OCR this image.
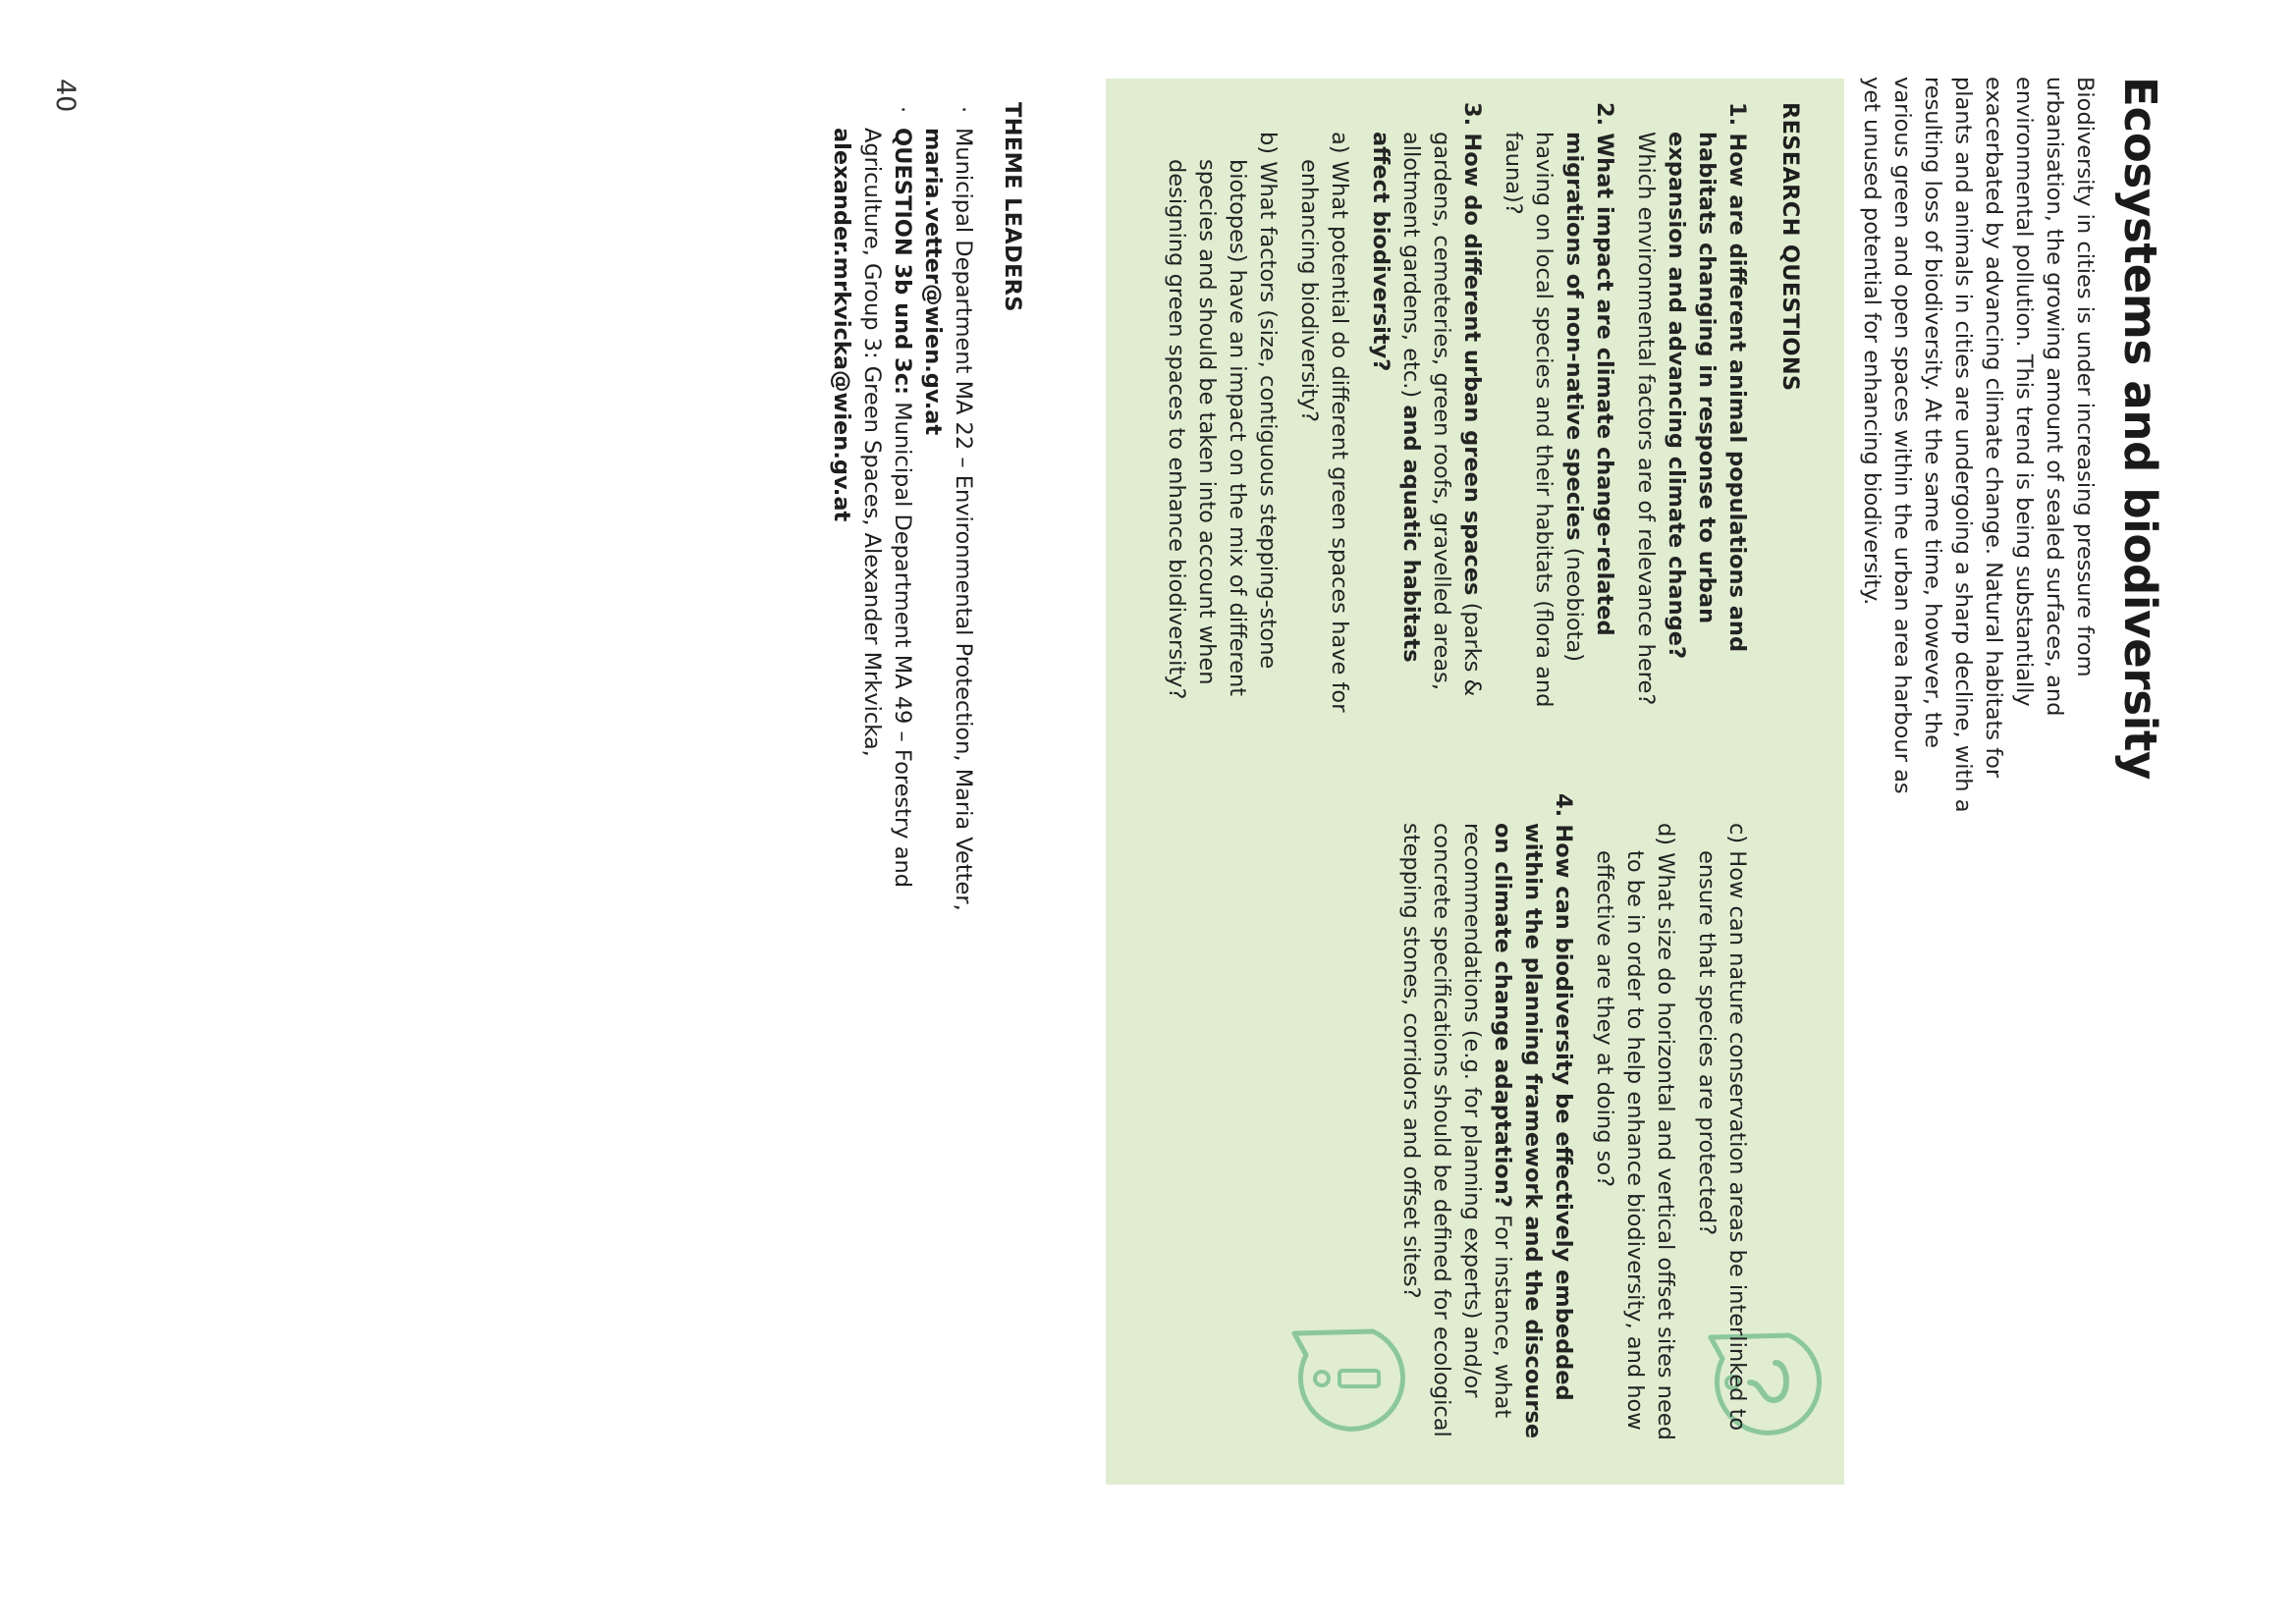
Ecosystems and biodiversity

Biodiversity in cities is under increasing pressure from urbanisation, the growing amount of sealed surfaces, and environmental pollution. This trend is being substantially exacerbated by advancing climate change. Natural habitats for plants and animals in cities are undergoing a sharp decline, with a resulting loss of biodiversity. At the same time, however, the various green and open spaces within the urban area harbour as yet unused potential for enhancing biodiversity.

RESEARCH QUESTIONS

1. How are different animal populations and habitats changing in response to urban expansion and advancing climate change? Which environmental factors are of relevance here?

2. What impact are climate change-related migrations of non-native species (neobiota) having on local species and their habitats (flora and fauna)?

3. How do different urban green spaces (parks & gardens, cemeteries, green roofs, gravelled areas, allotment gardens, etc.) and aquatic habitats affect biodiversity?

a) What potential do different green spaces have for enhancing biodiversity?

b) What factors (size, contiguous stepping-stone biotopes) have an impact on the mix of different species and should be taken into account when designing green spaces to enhance biodiversity?

c) How can nature conservation areas be interlinked to ensure that species are protected?

d) What size do horizontal and vertical offset sites need to be in order to help enhance biodiversity, and how effective are they at doing so?

4. How can biodiversity be effectively embedded within the planning framework and the discourse on climate change adaptation? For instance, what recommendations (e.g. for planning experts) and/or concrete specifications should be defined for ecological stepping stones, corridors and offset sites?

THEME LEADERS
·
Municipal Department MA 22 – Environmental Protection, Maria Vetter, maria.vetter@wien.gv.at
·
QUESTION 3b und 3c: Municipal Department MA 49 – Forestry and Agriculture, Group 3: Green Spaces, Alexander Mrkvicka, alexander.mrkvicka@wien.gv.at
40
